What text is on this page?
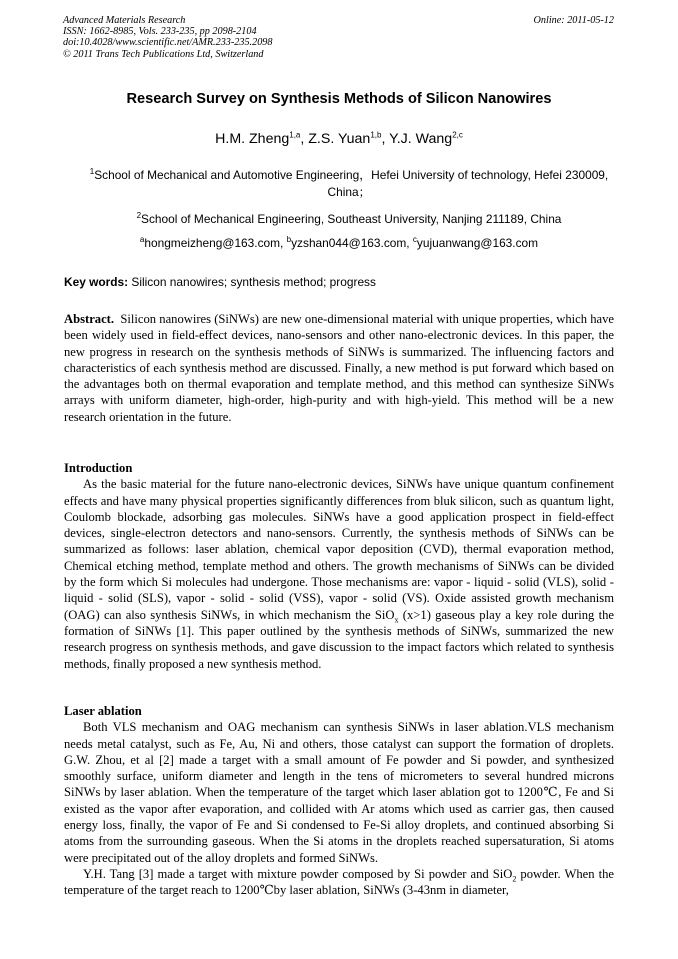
Advanced Materials Research
ISSN: 1662-8985, Vols. 233-235, pp 2098-2104
doi:10.4028/www.scientific.net/AMR.233-235.2098
© 2011 Trans Tech Publications Ltd, Switzerland
Online: 2011-05-12
Research Survey on Synthesis Methods of Silicon Nanowires
H.M. Zheng$^{1,a}$, Z.S. Yuan$^{1,b}$, Y.J. Wang$^{2,c}$
$^1$School of Mechanical and Automotive Engineering，Hefei University of technology, Hefei 230009, China；
$^2$School of Mechanical Engineering, Southeast University, Nanjing 211189, China
$^a$hongmeizheng@163.com, $^b$yzshan044@163.com, $^c$yujuanwang@163.com
Key words: Silicon nanowires; synthesis method; progress

Abstract. Silicon nanowires (SiNWs) are new one-dimensional material with unique properties, which have been widely used in field-effect devices, nano-sensors and other nano-electronic devices. In this paper, the new progress in research on the synthesis methods of SiNWs is summarized. The influencing factors and characteristics of each synthesis method are discussed. Finally, a new method is put forward which based on the advantages both on thermal evaporation and template method, and this method can synthesize SiNWs arrays with uniform diameter, high-order, high-purity and with high-yield. This method will be a new research orientation in the future.

Introduction

As the basic material for the future nano-electronic devices, SiNWs have unique quantum confinement effects and have many physical properties significantly differences from bluk silicon, such as quantum light, Coulomb blockade, adsorbing gas molecules. SiNWs have a good application prospect in field-effect devices, single-electron detectors and nano-sensors. Currently, the synthesis methods of SiNWs can be summarized as follows: laser ablation, chemical vapor deposition (CVD), thermal evaporation method, Chemical etching method, template method and others. The growth mechanisms of SiNWs can be divided by the form which Si molecules had undergone. Those mechanisms are: vapor - liquid - solid (VLS), solid - liquid - solid (SLS), vapor - solid - solid (VSS), vapor - solid (VS). Oxide assisted growth mechanism (OAG) can also synthesis SiNWs, in which mechanism the SiO$_x$ (x>1) gaseous play a key role during the formation of SiNWs [1]. This paper outlined by the synthesis methods of SiNWs, summarized the new research progress on synthesis methods, and gave discussion to the impact factors which related to synthesis methods, finally proposed a new synthesis method.

Laser ablation

Both VLS mechanism and OAG mechanism can synthesis SiNWs in laser ablation.VLS mechanism needs metal catalyst, such as Fe, Au, Ni and others, those catalyst can support the formation of droplets. G.W. Zhou, et al [2] made a target with a small amount of Fe powder and Si powder, and synthesized smoothly surface, uniform diameter and length in the tens of micrometers to several hundred microns SiNWs by laser ablation. When the temperature of the target which laser ablation got to 1200℃, Fe and Si existed as the vapor after evaporation, and collided with Ar atoms which used as carrier gas, then caused energy loss, finally, the vapor of Fe and Si condensed to Fe-Si alloy droplets, and continued absorbing Si atoms from the surrounding gaseous. When the Si atoms in the droplets reached supersaturation, Si atoms were precipitated out of the alloy droplets and formed SiNWs.

Y.H. Tang [3] made a target with mixture powder composed by Si powder and SiO$_2$ powder. When the temperature of the target reach to 1200℃by laser ablation, SiNWs (3-43nm in diameter,
